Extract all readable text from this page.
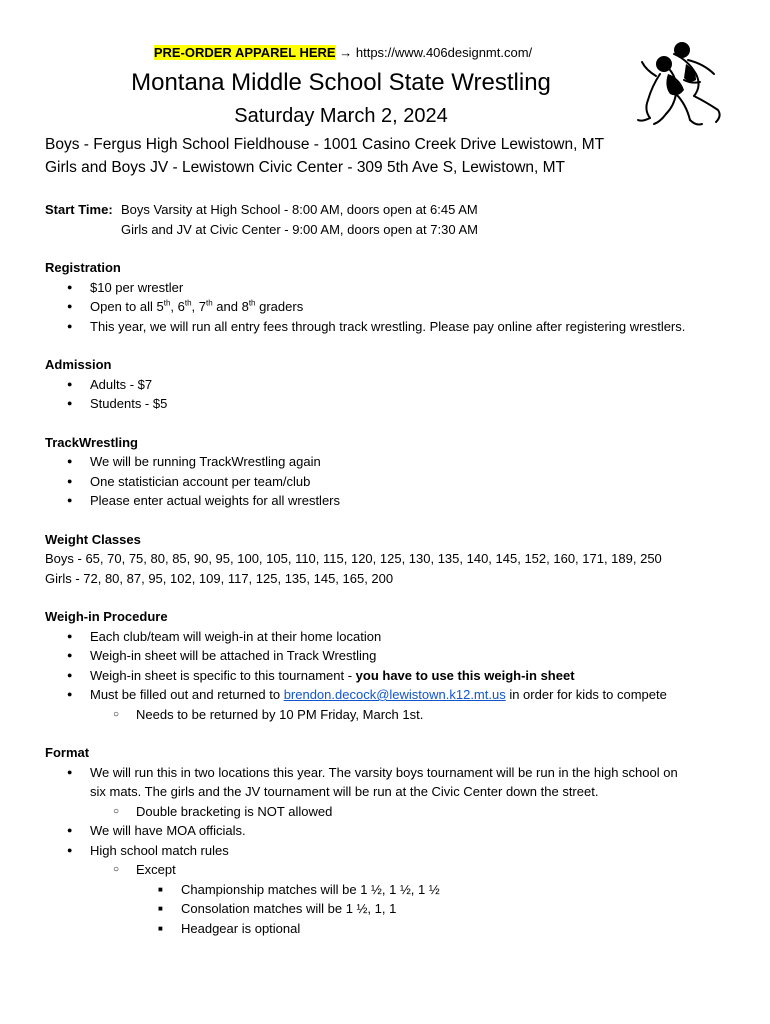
PRE-ORDER APPAREL HERE → https://www.406designmt.com/
Montana Middle School State Wrestling
Saturday March 2, 2024
Boys - Fergus High School Fieldhouse - 1001 Casino Creek Drive Lewistown, MT
Girls and Boys JV - Lewistown Civic Center - 309 5th Ave S, Lewistown, MT
Start Time: Boys Varsity at High School - 8:00 AM, doors open at 6:45 AM
Girls and JV at Civic Center - 9:00 AM, doors open at 7:30 AM
Registration
● $10 per wrestler
● Open to all 5th, 6th, 7th and 8th graders
● This year, we will run all entry fees through track wrestling. Please pay online after registering wrestlers.
Admission
● Adults - $7
● Students - $5
TrackWrestling
● We will be running TrackWrestling again
● One statistician account per team/club
● Please enter actual weights for all wrestlers
Weight Classes
Boys - 65, 70, 75, 80, 85, 90, 95, 100, 105, 110, 115, 120, 125, 130, 135, 140, 145, 152, 160, 171, 189, 250
Girls - 72, 80, 87, 95, 102, 109, 117, 125, 135, 145, 165, 200
Weigh-in Procedure
● Each club/team will weigh-in at their home location
● Weigh-in sheet will be attached in Track Wrestling
● Weigh-in sheet is specific to this tournament - you have to use this weigh-in sheet
● Must be filled out and returned to brendon.decock@lewistown.k12.mt.us in order for kids to compete
○ Needs to be returned by 10 PM Friday, March 1st.
Format
● We will run this in two locations this year. The varsity boys tournament will be run in the high school on
six mats. The girls and the JV tournament will be run at the Civic Center down the street.
○ Double bracketing is NOT allowed
● We will have MOA officials.
● High school match rules
○ Except
■ Championship matches will be 1 ½, 1 ½, 1 ½
■ Consolation matches will be 1 ½, 1, 1
■ Headgear is optional
